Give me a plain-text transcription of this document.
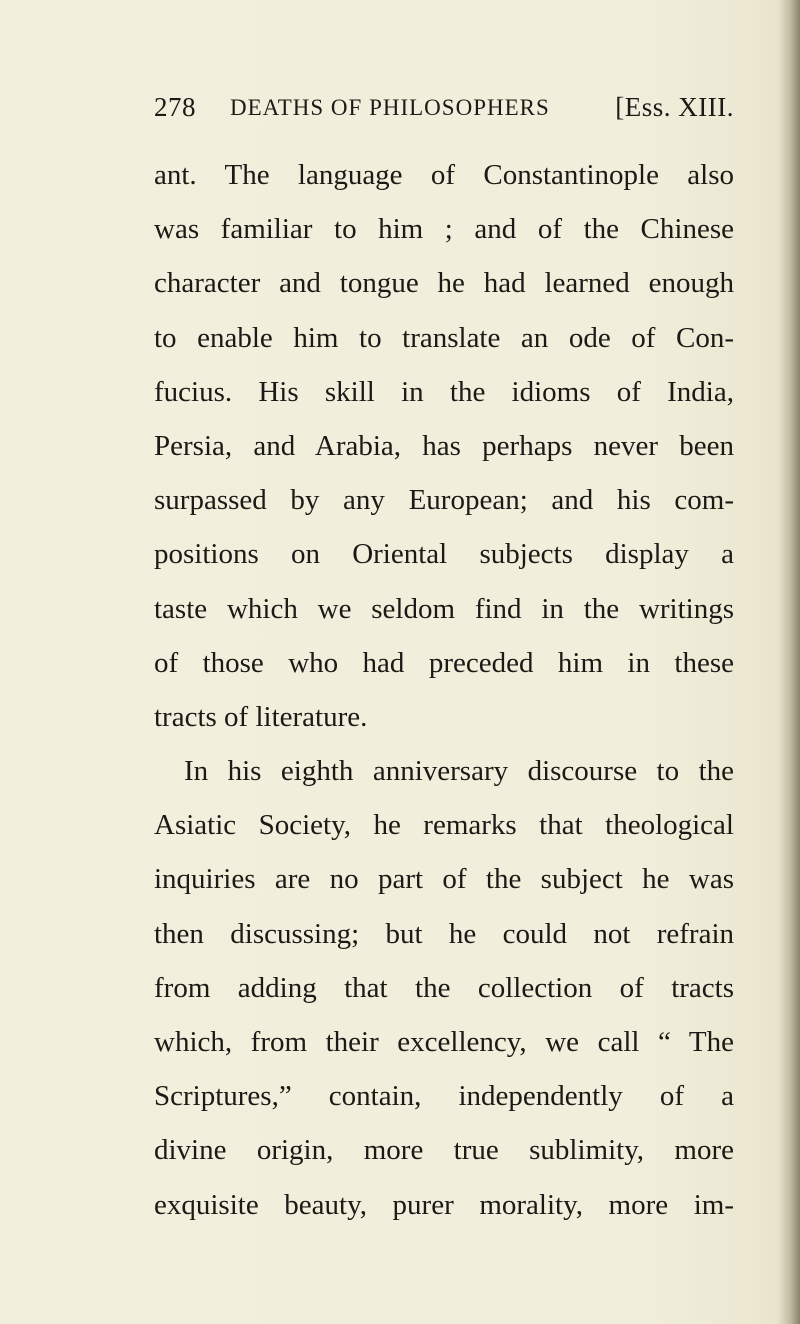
278 DEATHS OF PHILOSOPHERS [Ess. XIII.
ant. The language of Constantinople also
was familiar to him ; and of the Chinese
character and tongue he had learned enough
to enable him to translate an ode of Con-
fucius. His skill in the idioms of India,
Persia, and Arabia, has perhaps never been
surpassed by any European; and his com-
positions on Oriental subjects display a
taste which we seldom find in the writings
of those who had preceded him in these
tracts of literature.
In his eighth anniversary discourse to the
Asiatic Society, he remarks that theological
inquiries are no part of the subject he was
then discussing; but he could not refrain
from adding that the collection of tracts
which, from their excellency, we call “ The
Scriptures,” contain, independently of a
divine origin, more true sublimity, more
exquisite beauty, purer morality, more im-
